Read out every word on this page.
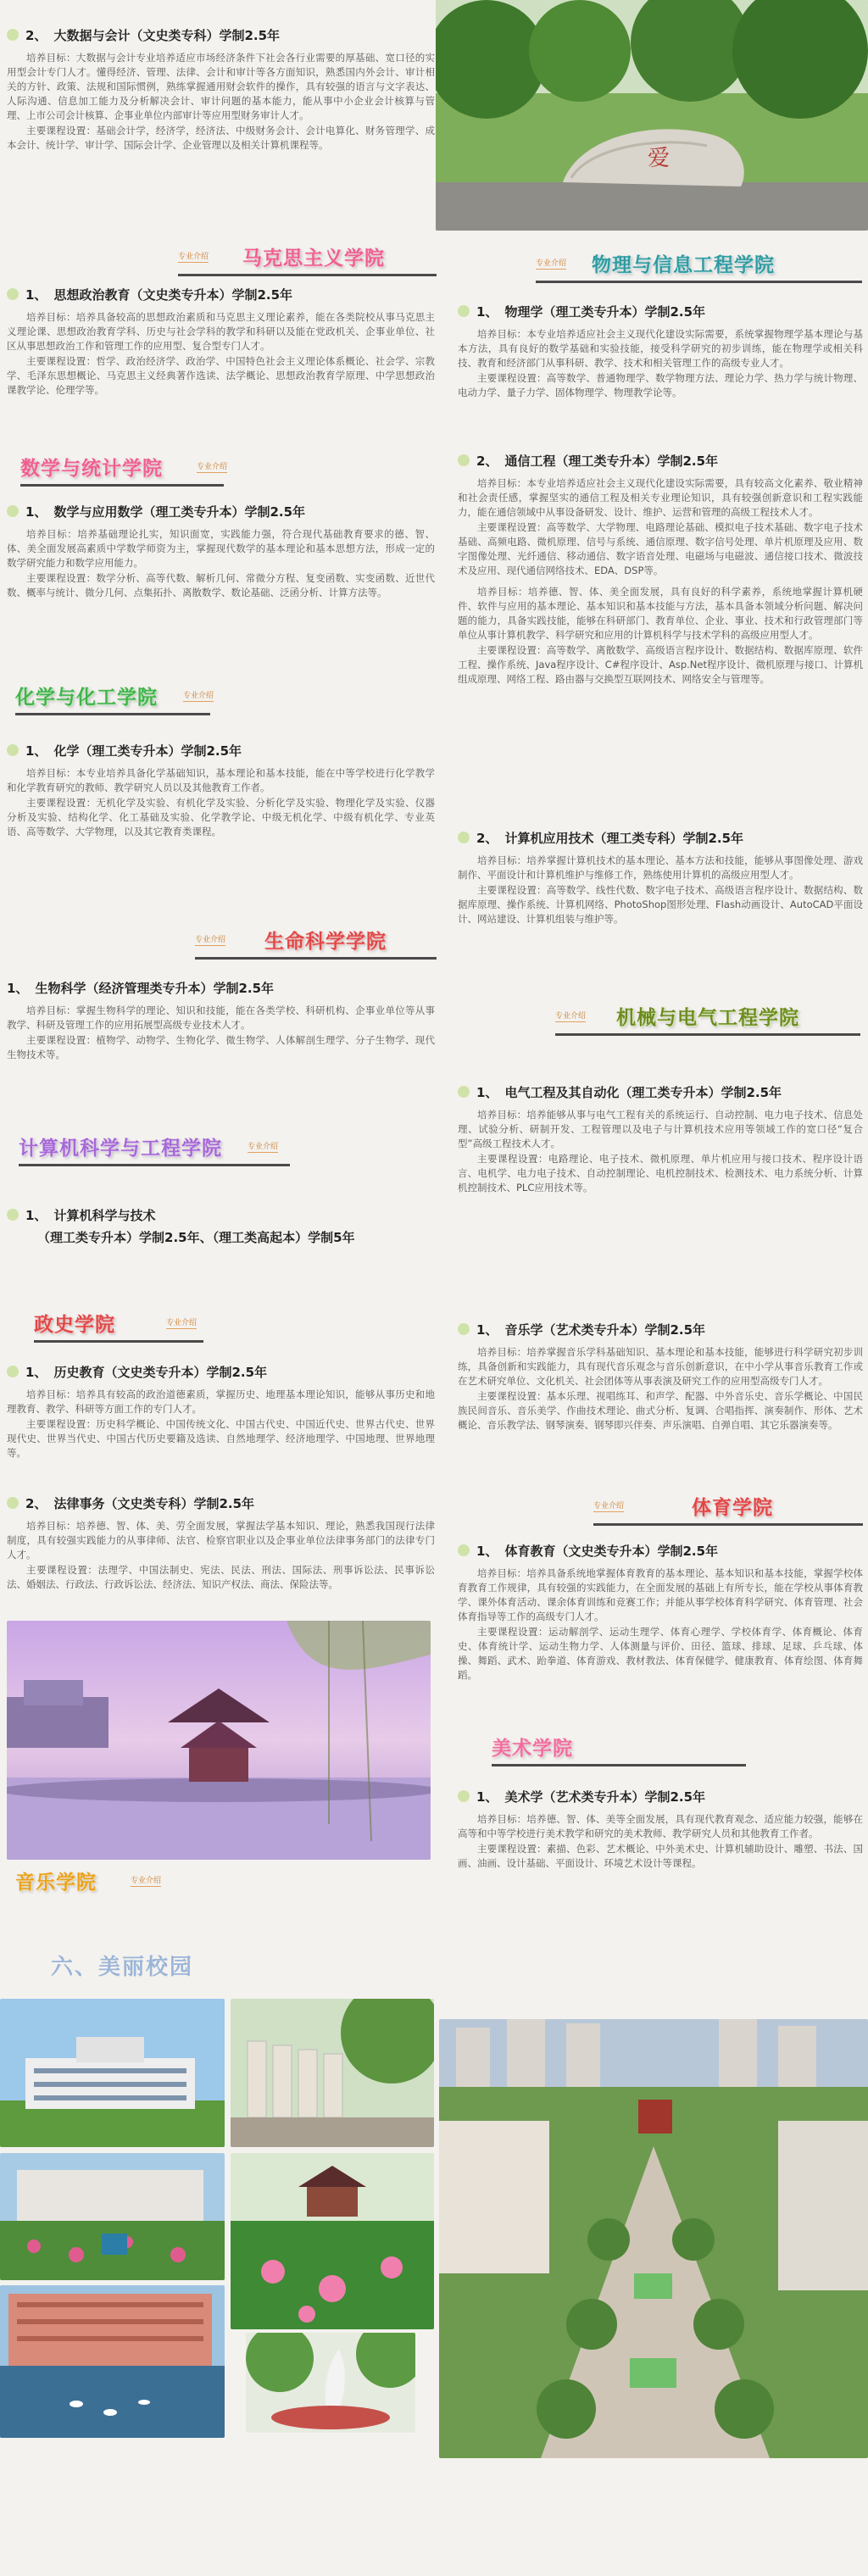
2、 大数据与会计（文史类专科）学制2.5年

培养目标：大数据与会计专业培养适应市场经济条件下社会各行业需要的厚基础、宽口径的实用型会计专门人才。懂得经济、管理、法律、会计和审计等各方面知识，熟悉国内外会计、审计相关的方针、政策、法规和国际惯例，熟练掌握通用财会软件的操作，具有较强的语言与文字表达、人际沟通、信息加工能力及分析解决会计、审计问题的基本能力，能从事中小企业会计核算与管理、上市公司会计核算、企事业单位内部审计等应用型财务审计人才。

主要课程设置：基础会计学，经济学，经济法、中级财务会计、会计电算化、财务管理学、成本会计、统计学、审计学、国际会计学、企业管理以及相关计算机课程等。

专业介绍 马克思主义学院
1、 思想政治教育（文史类专升本）学制2.5年

培养目标：培养具备较高的思想政治素质和马克思主义理论素养，能在各类院校从事马克思主义理论课、思想政治教育学科、历史与社会学科的教学和科研以及能在党政机关、企事业单位、社区从事思想政治工作和管理工作的应用型、复合型专门人才。

主要课程设置：哲学、政治经济学、政治学、中国特色社会主义理论体系概论、社会学、宗教学、毛泽东思想概论、马克思主义经典著作选读、法学概论、思想政治教育学原理、中学思想政治课教学论、伦理学等。

数学与统计学院	专业介绍
1、 数学与应用数学（理工类专升本）学制2.5年

培养目标：培养基础理论扎实，知识面宽，实践能力强，符合现代基础教育要求的德、智、体、美全面发展高素质中学数学师资为主，掌握现代数学的基本理论和基本思想方法，形成一定的数学研究能力和数学应用能力。

主要课程设置：数学分析、高等代数、解析几何、常微分方程、复变函数、实变函数、近世代数、概率与统计、微分几何、点集拓扑、离散数学、数论基础、泛函分析、计算方法等。

化学与化工学院	专业介绍
1、 化学（理工类专升本）学制2.5年

培养目标：本专业培养具备化学基础知识，基本理论和基本技能，能在中等学校进行化学教学和化学教育研究的教师、教学研究人员以及其他教育工作者。

主要课程设置：无机化学及实验、有机化学及实验、分析化学及实验、物理化学及实验、仪器分析及实验、结构化学、化工基础及实验、化学教学论、中级无机化学、中级有机化学、专业英语、高等数学、大学物理，以及其它教育类课程。

专业介绍 生命科学学院
1、 生物科学（经济管理类专升本）学制2.5年

培养目标：掌握生物科学的理论、知识和技能，能在各类学校、科研机构、企事业单位等从事教学、科研及管理工作的应用拓展型高级专业技术人才。

主要课程设置：植物学、动物学、生物化学、微生物学、人体解剖生理学、分子生物学、现代生物技术等。

计算机科学与工程学院	专业介绍
1、 计算机科学与技术
（理工类专升本）学制2.5年、（理工类高起本）学制5年
政史学院	专业介绍
1、 历史教育（文史类专升本）学制2.5年

培养目标：培养具有较高的政治道德素质，掌握历史、地理基本理论知识，能够从事历史和地理教育、教学、科研等方面工作的专门人才。

主要课程设置：历史科学概论、中国传统文化、中国古代史、中国近代史、世界古代史、世界现代史、世界当代史、中国古代历史要籍及选读、自然地理学、经济地理学、中国地理、世界地理等。

2、 法律事务（文史类专科）学制2.5年

培养目标：培养德、智、体、美、劳全面发展，掌握法学基本知识、理论，熟悉我国现行法律制度，具有较强实践能力的从事律师、法官、检察官职业以及企事业单位法律事务部门的法律专门人才。

主要课程设置：法理学、中国法制史、宪法、民法、刑法、国际法、刑事诉讼法、民事诉讼法、婚姻法、行政法、行政诉讼法、经济法、知识产权法、商法、保险法等。

音乐学院	专业介绍
爱
专业介绍 物理与信息工程学院
1、 物理学（理工类专升本）学制2.5年

培养目标：本专业培养适应社会主义现代化建设实际需要，系统掌握物理学基本理论与基本方法，具有良好的数学基础和实验技能，接受科学研究的初步训练，能在物理学或相关科技、教育和经济部门从事科研、教学、技术和相关管理工作的高级专业人才。

主要课程设置：高等数学、普通物理学、数学物理方法、理论力学、热力学与统计物理、电动力学、量子力学、固体物理学、物理教学论等。

2、 通信工程（理工类专升本）学制2.5年

培养目标：本专业培养适应社会主义现代化建设实际需要，具有较高文化素养、敬业精神和社会责任感，掌握坚实的通信工程及相关专业理论知识，具有较强创新意识和工程实践能力，能在通信领域中从事设备研发、设计、维护、运营和管理的高级工程技术人才。

主要课程设置：高等数学、大学物理、电路理论基础、模拟电子技术基础、数字电子技术基础、高频电路、微机原理、信号与系统、通信原理、数字信号处理、单片机原理及应用、数字图像处理、光纤通信、移动通信、数字语音处理、电磁场与电磁波、通信接口技术、微波技术及应用、现代通信网络技术、EDA、DSP等。

培养目标：培养德、智、体、美全面发展，具有良好的科学素养，系统地掌握计算机硬件、软件与应用的基本理论、基本知识和基本技能与方法，基本具备本领域分析问题、解决问题的能力，具备实践技能，能够在科研部门、教育单位、企业、事业、技术和行政管理部门等单位从事计算机教学、科学研究和应用的计算机科学与技术学科的高级应用型人才。

主要课程设置：高等数学、离散数学、高级语言程序设计、数据结构、数据库原理、软件工程、操作系统、Java程序设计、C#程序设计、Asp.Net程序设计、微机原理与接口、计算机组成原理、网络工程、路由器与交换型互联网技术、网络安全与管理等。

2、 计算机应用技术（理工类专科）学制2.5年

培养目标：培养掌握计算机技术的基本理论、基本方法和技能，能够从事图像处理、游戏制作、平面设计和计算机维护与维修工作，熟练使用计算机的高级应用型人才。

主要课程设置：高等数学、线性代数、数字电子技术、高级语言程序设计、数据结构、数据库原理、操作系统、计算机网络、PhotoShop图形处理、Flash动画设计、AutoCAD平面设计、网站建设、计算机组装与维护等。

专业介绍 机械与电气工程学院
1、 电气工程及其自动化（理工类专升本）学制2.5年

培养目标：培养能够从事与电气工程有关的系统运行、自动控制、电力电子技术、信息处理、试验分析、研制开发、工程管理以及电子与计算机技术应用等领域工作的宽口径“复合型”高级工程技术人才。

主要课程设置：电路理论、电子技术、微机原理、单片机应用与接口技术、程序设计语言、电机学、电力电子技术、自动控制理论、电机控制技术、检测技术、电力系统分析、计算机控制技术、PLC应用技术等。

1、 音乐学（艺术类专升本）学制2.5年

培养目标：培养掌握音乐学科基础知识、基本理论和基本技能，能够进行科学研究初步训练，具备创新和实践能力，具有现代音乐观念与音乐创新意识，在中小学从事音乐教育工作或在艺术研究单位、文化机关、社会团体等从事表演及研究工作的应用型高级专门人才。

主要课程设置：基本乐理、视唱练耳、和声学、配器、中外音乐史、音乐学概论、中国民族民间音乐、音乐美学、作曲技术理论、曲式分析、复调、合唱指挥、演奏制作、形体、艺术概论、音乐教学法、钢琴演奏、钢琴即兴伴奏、声乐演唱、自弹自唱、其它乐器演奏等。

专业介绍	体育学院
1、 体育教育（文史类专升本）学制2.5年

培养目标：培养具备系统地掌握体育教育的基本理论、基本知识和基本技能，掌握学校体育教育工作规律，具有较强的实践能力，在全面发展的基础上有所专长，能在学校从事体育教学、课外体育活动、课余体育训练和竞赛工作；并能从事学校体育科学研究、体育管理、社会体育指导等工作的高级专门人才。

主要课程设置：运动解剖学、运动生理学、体育心理学、学校体育学、体育概论、体育史、体育统计学、运动生物力学、人体测量与评价、田径、篮球、排球、足球、乒乓球、体操、舞蹈、武术、跆拳道、体育游戏、教材教法、体育保健学、健康教育、体育绘图、体育舞蹈。

美术学院
1、 美术学（艺术类专升本）学制2.5年

培养目标：培养德、智、体、美等全面发展，具有现代教育观念、适应能力较强，能够在高等和中等学校进行美术教学和研究的美术教师、教学研究人员和其他教育工作者。

主要课程设置：素描、色彩、艺术概论、中外美术史、计算机辅助设计、雕塑、书法、国画、油画、设计基础、平面设计、环境艺术设计等课程。

六、美丽校园
